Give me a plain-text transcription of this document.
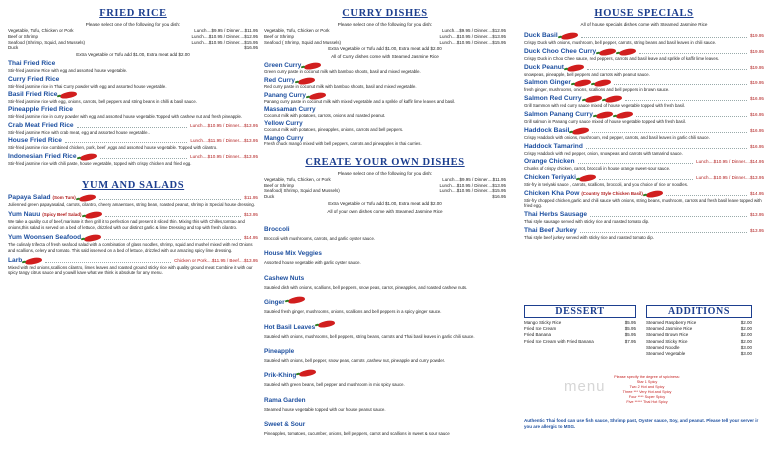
FRIED RICE
Please select one of the following for you dish:
Vegetable, Tofu, Chicken or Pork	Lunch....$9.95 / Dinner....$11.95
Beef or Shrimp	Lunch....$10.95 / Dinner....$12.95
Seafood (Shrimp, Squid, and Mussels)	Lunch....$10.95 / Dinner....$15.95
Duck	$16.95
Extra Vegetable or Tofu add $1.00, Extra meat add $2.00
Thai Fried Rice
Stir-fried jasmine Rice with egg and assorted house vegetable.
Curry Fried Rice
Stir-fried jasmine rice in Thai Curry powder with egg and assorted house vegetable.
Basil Fried Rice
Stir-fried jasmine rice with egg, onions, carrots, bell peppers and string beans in chilli & basil sauce.
Pineapple Fried Rice
Stir-fried jasmine rice in curry powder with egg and assorted house vegetable.Topped with cashew nut and fresh pineapple.
Crab Meat Fried Rice	Lunch....$10.95 / Dinner....$13.95
Stir-fried jasmine Rice with crab meat, egg and assorted house vegetable..
House Fried Rice	Lunch....$11.95 / Dinner....$13.95
Stir-fried jasmine rice combined chicken, pork, beef ,eggs and assorted house vegetable. Topped with cilantro.
Indonesian Fried Rice	Lunch....$10.95 / Dinner....$13.95
Stir-fried jasmine rice with chili paste, house vegetable, topped with crispy chicken and fried egg.
YUM AND SALADS
Papaya Salad (Som Tum)	$11.95
Julienned green papayasalad, carrots, cilantro, cheery amaentoes, string bean, roasted peanut, shrimp in Special house dressing.
Yum Nauu (Spicy Beef Salad)	$13.95
We take a quality cut of beef,marinate it then grill it to perfection nad present it sliced thin. Mixing this with Chilles,tomtao and onions,this salad is served on a bed of lettuce, drizzled with our distinct garlic & lime Dressing and top with fresh cilantro.
Yum Woonsen Seafood	$14.95
The culinaly trifecta of fresh seafood salad with a combination of glass noodles, shrimp, squid and mushel mixed with red Onions and scallions, celery and tomato. This sald isserved on a bed of lettuce, drizzled with our amazing spicy lime dressing.
Larb	Chicken or Pork....$11.95 / Beef....$13.95
Mixed with red onions,scallions cilantro, limes leaves and roasted ground sticky rice with quality ground meat Combine it with our spicy tangy citrus sauce and youwill kave what we think is absolute for any menu.
CURRY DISHES
Please select one of the following for you dish:
Vegetable, Tofu, Chicken or Pork	Lunch....$9.95 / Dinner....$12.95
Beef or Shrimp	Lunch....$10.95 / Dinner....$13.95
Seafood ( Shrimp, Squid and Mussels)	Lunch....$10.95 / Dinner....$15.95
Extra Vegetable or Tofu add $1.00, Extra meat add $2.00
All of Curry dishes come with Steamed Jasmine Rice
Green Curry
Green curry paste in coconut milk with bamboo shoots, basil and mixed vegetable.
Red Curry
Red curry paste in coconut milk with bamboo shoots, basil and mixed vegetable.
Panang Curry
Panang curry paste in coconut milk with mixed vegetable and a sprikle of kaffir lime leaves and basil.
Massaman Curry
Coconut milk with potatoes, carrots, onions and roasted peanut.
Yellow Curry
Coconut milk with potatoes, pineapples, onions, carrots and bell peppers.
Mango Curry
Fresh chuck mango mixed with bell peppers, carrots and pineapples in thai curries.
CREATE YOUR OWN DISHES
Please select one of the following for you dish:
Vegetable, Tofu, Chicken, or Pork	Lunch....$9.95 / Dinner....$11.95
Beef or Shrimp	Lunch....$10.95 / Dinner....$13.95
Seafood( Shrimp, Squid and Mussels)	Lunch....$10.95 / Dinner....$15.95
Duck	$16.95
Extra Vegetable or Tofu add $1.00, Extra meat add $2.00
All of your own dishes come with Steamed Jasmine Rice
Broccoli
Broccoli with mushrooms, carrots, and garlic oyster sauce.
House Mix Veggies
Assorted house vegetable with garlic oyster sauce.
Cashew Nuts
Sautéed dish with onions, scallions, bell peppers, snow peas, carrot, pineapples, and roasted cashew nuts.
Ginger
Sautéed fresh ginger, mushrooms, onions, scallions and bell peppers in a spicy ginger sauce.
Hot Basil Leaves
Sautéed with onions, mushrooms, bell peppers, string beans, carrots and Thai basil leaves in garlic chili sauce.
Pineapple
Sautéed with onions, bell pepper, snow peas, carrots ,cashew nut, pineapple and curry powder.
Prik-Khing
Sautéed with green beans, bell pepper and mushroom in mix spicy sauce.
Rama Garden
Steamed house vegetable topped with our house peanut sauce.
Sweet & Sour
Pineapples, tomatoes, cucumber, onions, bell peppers, carrot and scallions in sweet & sour sauce
HOUSE SPECIALS
All of house specials dishes come with Steamed Jasmine Rice
Duck Basil	$19.95
Crispy Duck with onions, mushroom, bell pepper, carrots, string beans and basil leaves in chili sauce.
Duck Choo Chee Curry	$19.95
Crispy Duck in Choo Chee sauce, red peppers, carrots and basil leave and sprikle of kaffir lime leaves.
Duck Peanut	$19.95
snowpeas, pineapple, bell peppers and carrots with peanut sauce.
Salmon Ginger	$19.95
fresh ginger, mushrooms, onions, scallions and bell peppers in brown sauce.
Salmon Red Curry	$16.95
Grill Sammon with red curry sauce mixed of house vegetable topped with fresh basil.
Salmon Panang Curry	$16.95
Grill salmon in Panang curry sauce mixed of house vegetable topped with fresh basil.
Haddock Basil	$16.95
Crispy Haddock with onions, mushroom, red pepper, carrots, and basil leaves in garlic chili sauce.
Haddock Tamarind	$16.95
Crispy Haddock with red pepper, onion, snowpeas and carrots with tamarind sauce.
Orange Chicken	Lunch....$10.95 / Dinner....$14.95
Chunks of crispy chicken, carrot, broccoli in house orange sweet-sour sauce.
Chicken Teriyaki	Lunch....$10.95 / Dinner....$13.95
Stir-fry in teriyaki sauce , carrots, scallions, broccoli, and you choice of rice or noodles.
Chicken Kha Pow (Country Style Chicken Basil)	$14.95
Stir-fry chopped chicken,garlic and chili sauce with onions, string beans, mushroom, carrots and fresh basil leave topped with fried egg.
Thai Herbs Sausage	$13.95
Thai style sausage served with sticky rice and roasted tomato dip.
Thai Beef Jurkey	$13.95
Thai style beef jurkey served with sticky rice and roasted tomato dip.
DESSERT
Mango Sticky Rice	$5.95
Fried Ice Cream	$5.95
Fried Banana	$5.95
Fried Ice Cream with Fried Banana	$7.95
ADDITIONS
Steamed Raspberry Rice	$2.00
Steamed Jasmine Rice	$2.00
Steamed Brown Rice	$2.00
Steamed Sticky Rice	$2.00
Steamed Noodle	$3.00
Steamed Vegetable	$3.00
menu
Please specify the degree of spiciness:
Star 1 Spicy
Two 2 Hot and Spicy
Three *** Very Hot and Spicy
Four **** Super Spicy
Five ***** Thai Hot Spicy
Authentic Thai food can use fish sauce, Shrimp past, Oyster sauce, Soy, and peanut. Please tell your server ir you are allergic to MSG.
